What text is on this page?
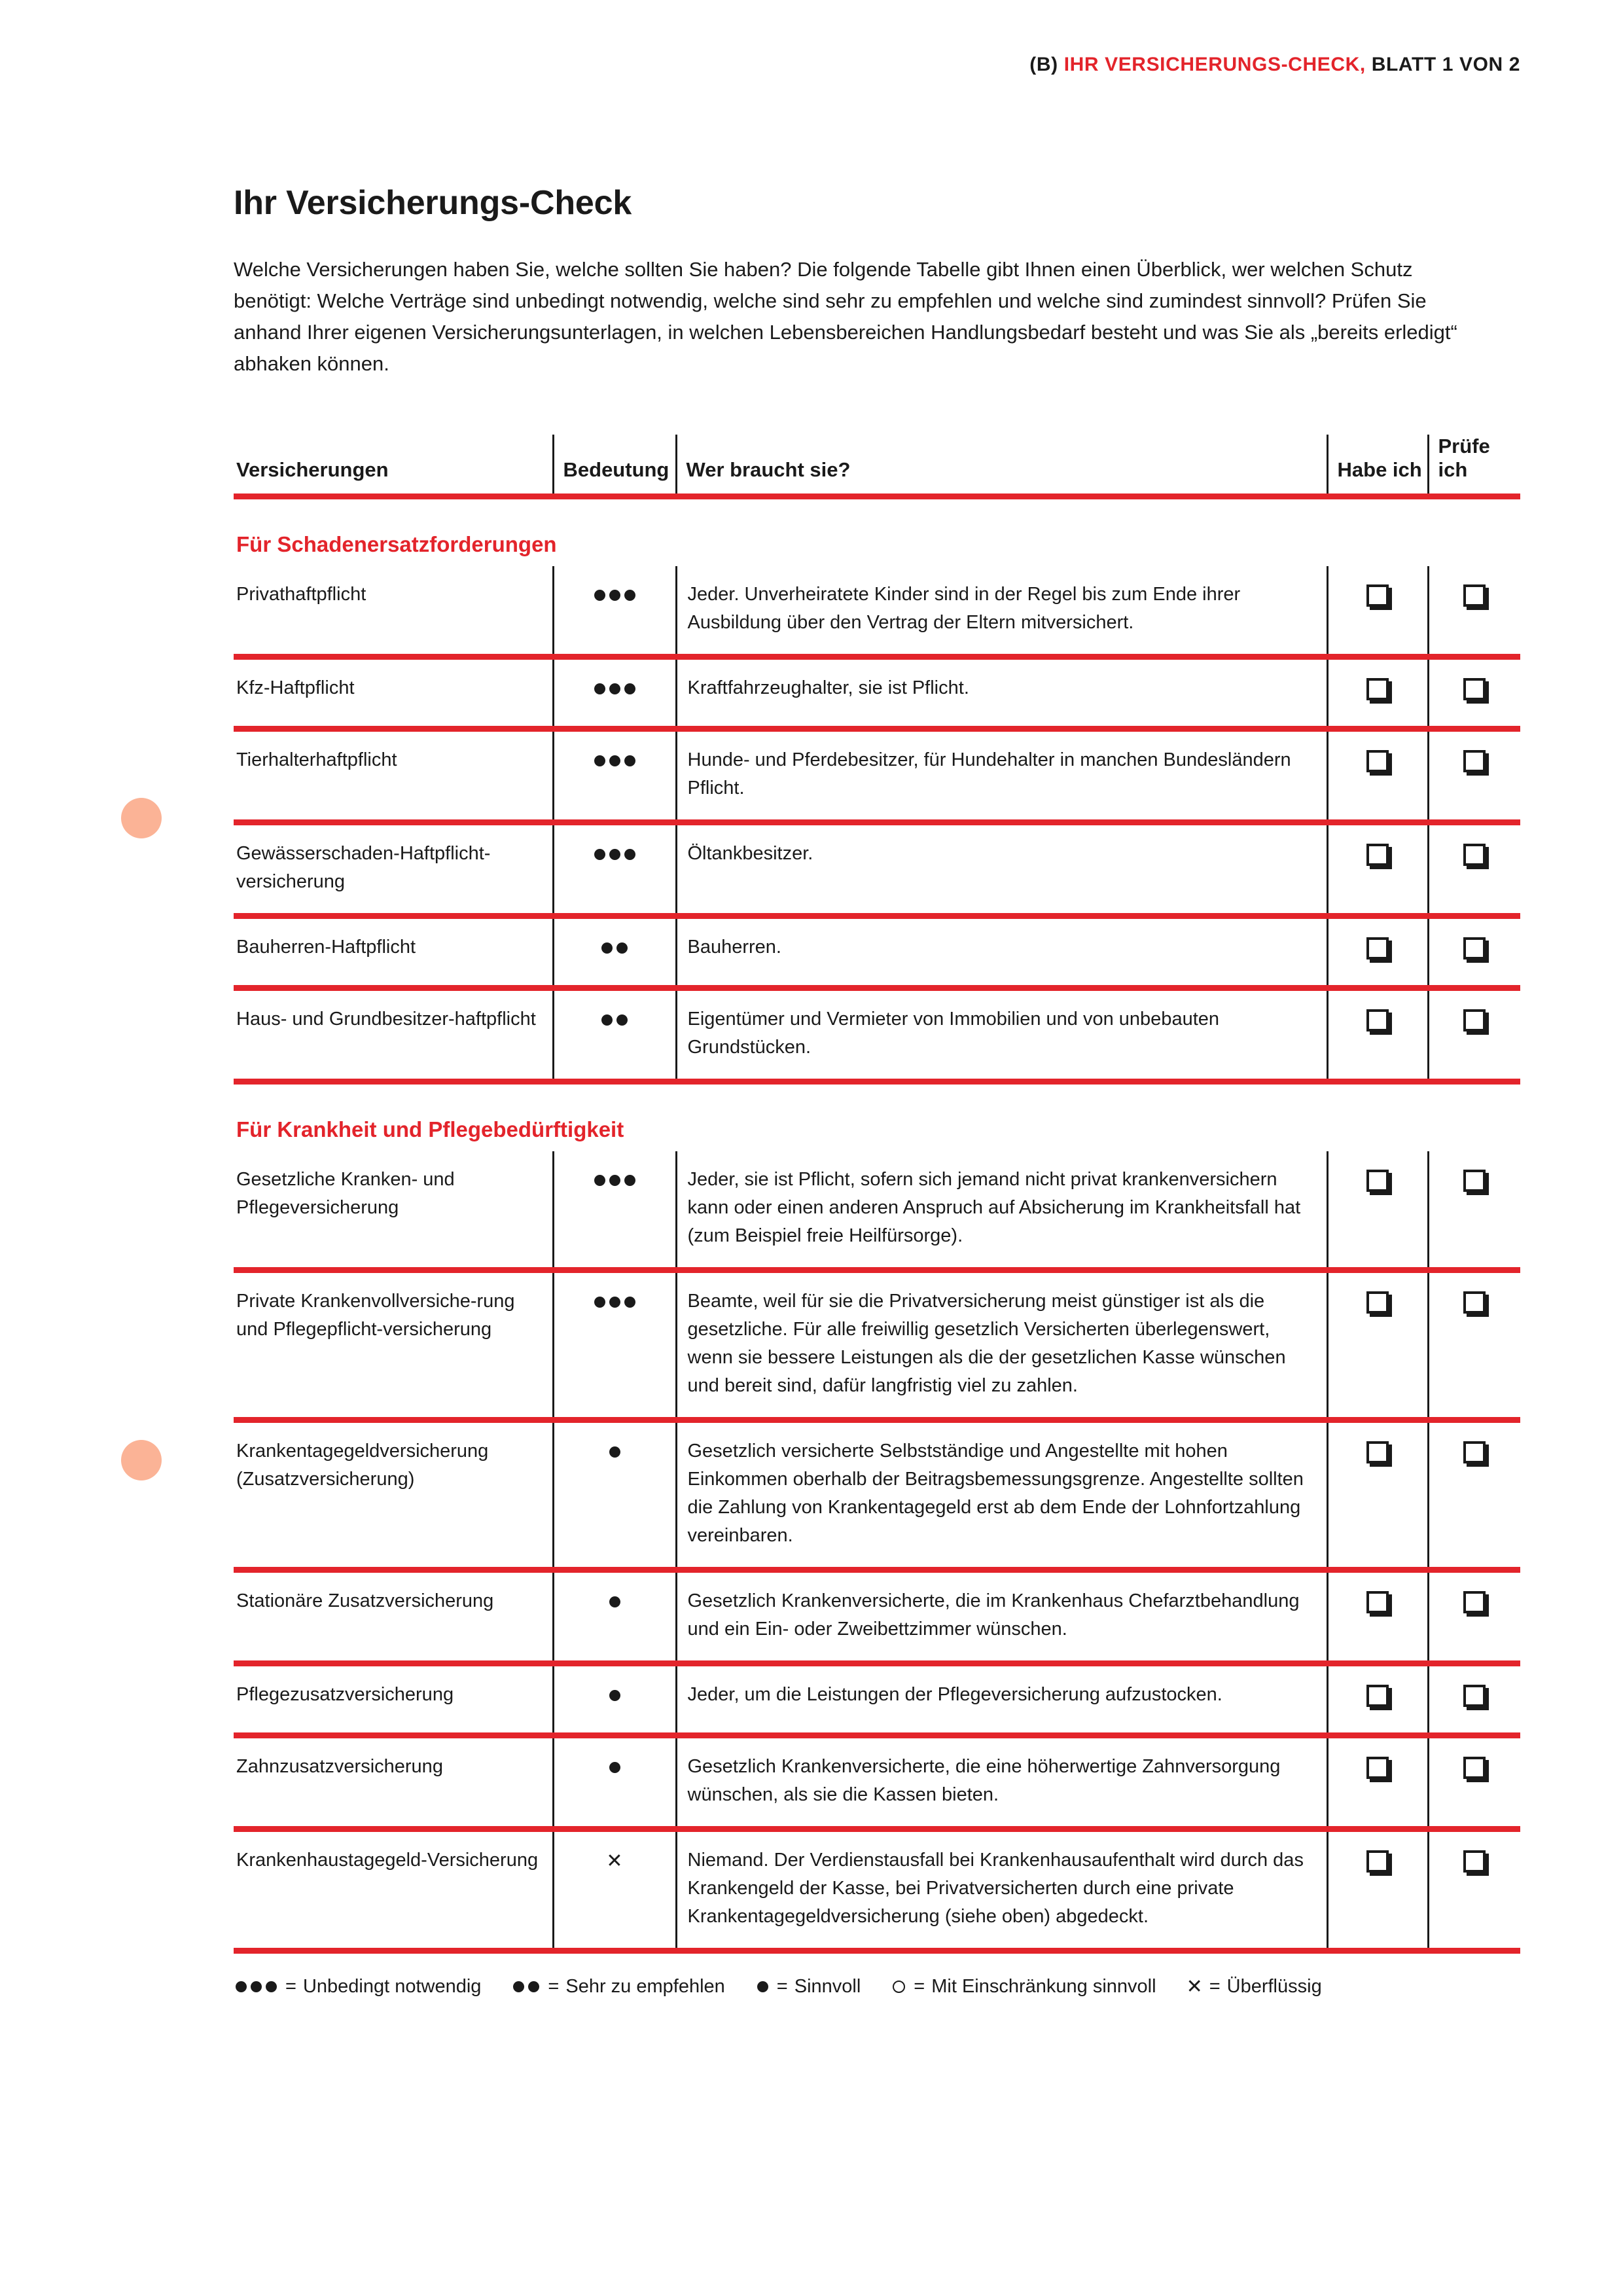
(B) IHR VERSICHERUNGS-CHECK, BLATT 1 VON 2
Ihr Versicherungs-Check

Welche Versicherungen haben Sie, welche sollten Sie haben? Die folgende Tabelle gibt Ihnen einen Überblick, wer welchen Schutz benötigt: Welche Verträge sind unbedingt notwendig, welche sind sehr zu empfehlen und welche sind zumindest sinnvoll? Prüfen Sie anhand Ihrer eigenen Versicherungsunterlagen, in welchen Lebensbereichen Handlungsbedarf besteht und was Sie als „bereits erledigt“ abhaken können.

Versicherungen	Bedeutung	Wer braucht sie?	Habe ich	Prüfe ich
Für Schadenersatzforderungen				
Privathaftpflicht		Jeder. Unverheiratete Kinder sind in der Regel bis zum Ende ihrer Ausbildung über den Vertrag der Eltern mitversichert.		
Kfz-Haftpflicht		Kraftfahrzeughalter, sie ist Pflicht.		
Tierhalterhaftpflicht		Hunde- und Pferdebesitzer, für Hundehalter in manchen Bundesländern Pflicht.		
Gewässerschaden-Haftpflicht-versicherung		Öltankbesitzer.		
Bauherren-Haftpflicht		Bauherren.		
Haus- und Grundbesitzer-haftpflicht		Eigentümer und Vermieter von Immobilien und von unbebauten Grundstücken.		
Für Krankheit und Pflegebedürftigkeit				
Gesetzliche Kranken- und Pflegeversicherung		Jeder, sie ist Pflicht, sofern sich jemand nicht privat krankenversichern kann oder einen anderen Anspruch auf Absicherung im Krankheitsfall hat (zum Beispiel freie Heilfürsorge).		
Private Krankenvollversiche-rung und Pflegepflicht-versicherung		Beamte, weil für sie die Privatversicherung meist günstiger ist als die gesetzliche. Für alle freiwillig gesetzlich Versicherten überlegenswert, wenn sie bessere Leistungen als die der gesetzlichen Kasse wünschen und bereit sind, dafür langfristig viel zu zahlen.		
Krankentagegeldversicherung (Zusatzversicherung)		Gesetzlich versicherte Selbstständige und Angestellte mit hohen Einkommen oberhalb der Beitragsbemessungsgrenze. Angestellte sollten die Zahlung von Krankentagegeld erst ab dem Ende der Lohnfortzahlung vereinbaren.		
Stationäre Zusatzversicherung		Gesetzlich Krankenversicherte, die im Krankenhaus Chefarztbehandlung und ein Ein- oder Zweibettzimmer wünschen.		
Pflegezusatzversicherung		Jeder, um die Leistungen der Pflegeversicherung aufzustocken.		
Zahnzusatzversicherung		Gesetzlich Krankenversicherte, die eine höherwertige Zahnversorgung wünschen, als sie die Kassen bieten.		
Krankenhaustagegeld-Versicherung	✕	Niemand. Der Verdienstausfall bei Krankenhausaufenthalt wird durch das Krankengeld der Kasse, bei Privatversicherten durch eine private Krankentagegeldversicherung (siehe oben) abgedeckt.		
= Unbedingt notwendig	= Sehr zu empfehlen	= Sinnvoll	= Mit Einschränkung sinnvoll ✕ = Überflüssig
